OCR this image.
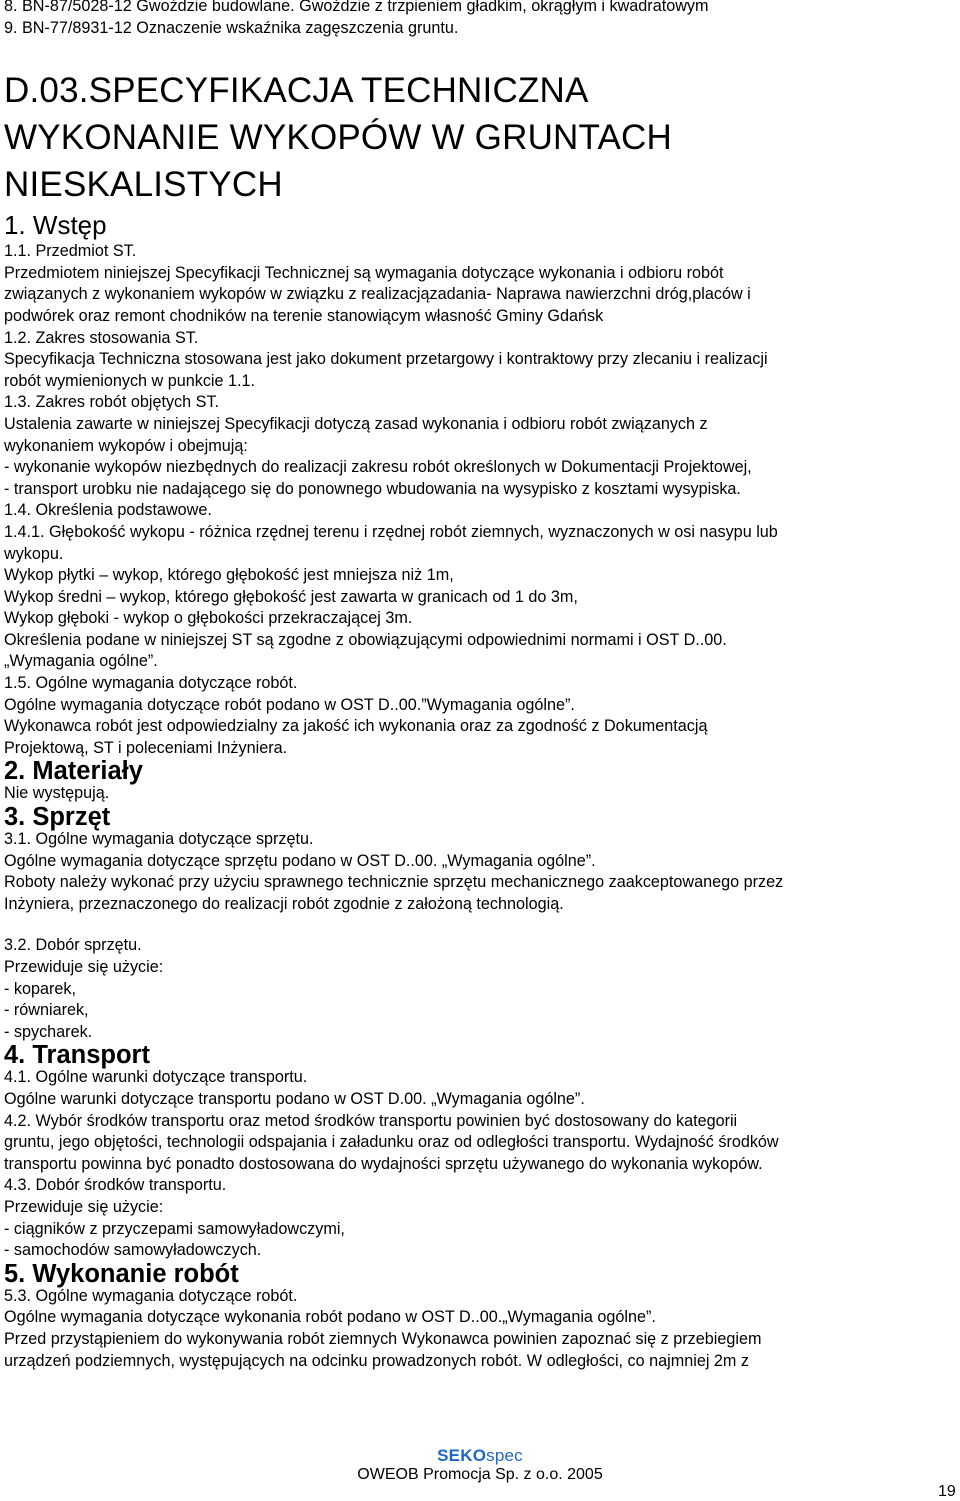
8. BN-87/5028-12 Gwoździe budowlane. Gwoździe z trzpieniem gładkim, okrągłym i kwadratowym
9. BN-77/8931-12 Oznaczenie wskaźnika zagęszczenia gruntu.
D.03.SPECYFIKACJA TECHNICZNA
WYKONANIE WYKOPÓW W GRUNTACH
NIESKALISTYCH
1. Wstęp
1.1. Przedmiot ST.
Przedmiotem niniejszej Specyfikacji Technicznej są wymagania dotyczące wykonania i odbioru robót
związanych z wykonaniem wykopów w związku z realizacjązadania- Naprawa nawierzchni dróg,placów i
podwórek oraz remont chodników na terenie stanowiącym własność Gminy Gdańsk
1.2. Zakres stosowania ST.
Specyfikacja Techniczna stosowana jest jako dokument przetargowy i kontraktowy przy zlecaniu i realizacji
robót wymienionych w punkcie 1.1.
1.3. Zakres robót objętych ST.
Ustalenia zawarte w niniejszej Specyfikacji dotyczą zasad wykonania i odbioru robót związanych z
wykonaniem wykopów i obejmują:
- wykonanie wykopów niezbędnych do realizacji zakresu robót określonych w Dokumentacji Projektowej,
- transport urobku nie nadającego się do ponownego wbudowania na wysypisko z kosztami wysypiska.
1.4. Określenia podstawowe.
1.4.1. Głębokość wykopu - różnica rzędnej terenu i rzędnej robót ziemnych, wyznaczonych w osi nasypu lub
wykopu.
Wykop płytki – wykop, którego głębokość jest mniejsza niż 1m,
Wykop średni – wykop, którego głębokość jest zawarta w granicach od 1 do 3m,
Wykop głęboki - wykop o głębokości przekraczającej 3m.
Określenia podane w niniejszej ST są zgodne z obowiązującymi odpowiednimi normami i OST D..00.
„Wymagania ogólne”.
1.5. Ogólne wymagania dotyczące robót.
Ogólne wymagania dotyczące robót podano w OST D..00.”Wymagania ogólne”.
Wykonawca robót jest odpowiedzialny za jakość ich wykonania oraz za zgodność z Dokumentacją
Projektową, ST i poleceniami Inżyniera.
2. Materiały
Nie występują.
3. Sprzęt
3.1. Ogólne wymagania dotyczące sprzętu.
Ogólne wymagania dotyczące sprzętu podano w OST D..00. „Wymagania ogólne”.
Roboty należy wykonać przy użyciu sprawnego technicznie sprzętu mechanicznego zaakceptowanego przez
Inżyniera, przeznaczonego do realizacji robót zgodnie z założoną technologią.
3.2. Dobór sprzętu.
Przewiduje się użycie:
- koparek,
- równiarek,
- spycharek.
4. Transport
4.1. Ogólne warunki dotyczące transportu.
Ogólne warunki dotyczące transportu podano w OST D.00. „Wymagania ogólne”.
4.2. Wybór środków transportu oraz metod środków transportu powinien być dostosowany do kategorii
gruntu, jego objętości, technologii odspajania i załadunku oraz od odległości transportu. Wydajność środków
transportu powinna być ponadto dostosowana do wydajności sprzętu używanego do wykonania wykopów.
4.3. Dobór środków transportu.
Przewiduje się użycie:
- ciągników z przyczepami samowyładowczymi,
- samochodów samowyładowczych.
5. Wykonanie robót
5.3. Ogólne wymagania dotyczące robót.
Ogólne wymagania dotyczące wykonania robót podano w OST D..00.„Wymagania ogólne”.
Przed przystąpieniem do wykonywania robót ziemnych Wykonawca powinien zapoznać się z przebiegiem
urządzeń podziemnych, występujących na odcinku prowadzonych robót. W odległości, co najmniej 2m z
SEKOspec
OWEOB Promocja Sp. z o.o. 2005
19
